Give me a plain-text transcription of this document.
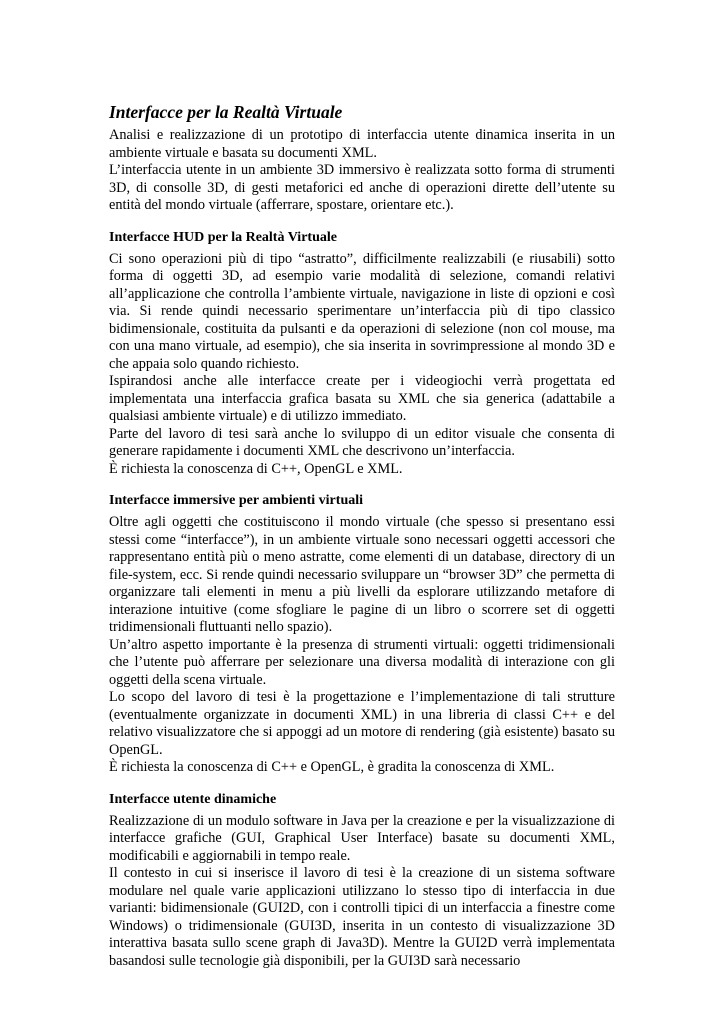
Interfacce per la Realtà Virtuale

Analisi e realizzazione di un prototipo di interfaccia utente dinamica inserita in un ambiente virtuale e basata su documenti XML.

L’interfaccia utente in un ambiente 3D immersivo è realizzata sotto forma di strumenti 3D, di consolle 3D, di gesti metaforici ed anche di operazioni dirette dell’utente su entità del mondo virtuale (afferrare, spostare, orientare etc.).

Interfacce HUD per la Realtà Virtuale

Ci sono operazioni più di tipo “astratto”, difficilmente realizzabili (e riusabili) sotto forma di oggetti 3D, ad esempio varie modalità di selezione, comandi relativi all’applicazione che controlla l’ambiente virtuale, navigazione in liste di opzioni e così via. Si rende quindi necessario sperimentare un’interfaccia più di tipo classico bidimensionale, costituita da pulsanti e da operazioni di selezione (non col mouse, ma con una mano virtuale, ad esempio), che sia inserita in sovrimpressione al mondo 3D e che appaia solo quando richiesto.

Ispirandosi anche alle interfacce create per i videogiochi verrà progettata ed implementata una interfaccia grafica basata su XML che sia generica (adattabile a qualsiasi ambiente virtuale) e di utilizzo immediato.

Parte del lavoro di tesi sarà anche lo sviluppo di un editor visuale che consenta di generare rapidamente i documenti XML che descrivono un’interfaccia.

È richiesta la conoscenza di C++, OpenGL e XML.

Interfacce immersive per ambienti virtuali

Oltre agli oggetti che costituiscono il mondo virtuale (che spesso si presentano essi stessi come “interfacce”), in un ambiente virtuale sono necessari oggetti accessori che rappresentano entità più o meno astratte, come elementi di un database, directory di un file-system, ecc. Si rende quindi necessario sviluppare un “browser 3D” che permetta di organizzare tali elementi in menu a più livelli da esplorare utilizzando metafore di interazione intuitive (come sfogliare le pagine di un libro o scorrere set di oggetti tridimensionali fluttuanti nello spazio).

Un’altro aspetto importante è la presenza di strumenti virtuali: oggetti tridimensionali che l’utente può afferrare per selezionare una diversa modalità di interazione con gli oggetti della scena virtuale.

Lo scopo del lavoro di tesi è la progettazione e l’implementazione di tali strutture (eventualmente organizzate in documenti XML) in una libreria di classi C++ e del relativo visualizzatore che si appoggi ad un motore di rendering (già esistente) basato su OpenGL.

È richiesta la conoscenza di C++ e OpenGL, è gradita la conoscenza di XML.

Interfacce utente dinamiche

Realizzazione di un modulo software in Java per la creazione e per la visualizzazione di interfacce grafiche (GUI, Graphical User Interface) basate su documenti XML, modificabili e aggiornabili in tempo reale.

Il contesto in cui si inserisce il lavoro di tesi è la creazione di un sistema software modulare nel quale varie applicazioni utilizzano lo stesso tipo di interfaccia in due varianti: bidimensionale (GUI2D, con i controlli tipici di un interfaccia a finestre come Windows) o tridimensionale (GUI3D, inserita in un contesto di visualizzazione 3D interattiva basata sullo scene graph di Java3D). Mentre la GUI2D verrà implementata basandosi sulle tecnologie già disponibili, per la GUI3D sarà necessario
